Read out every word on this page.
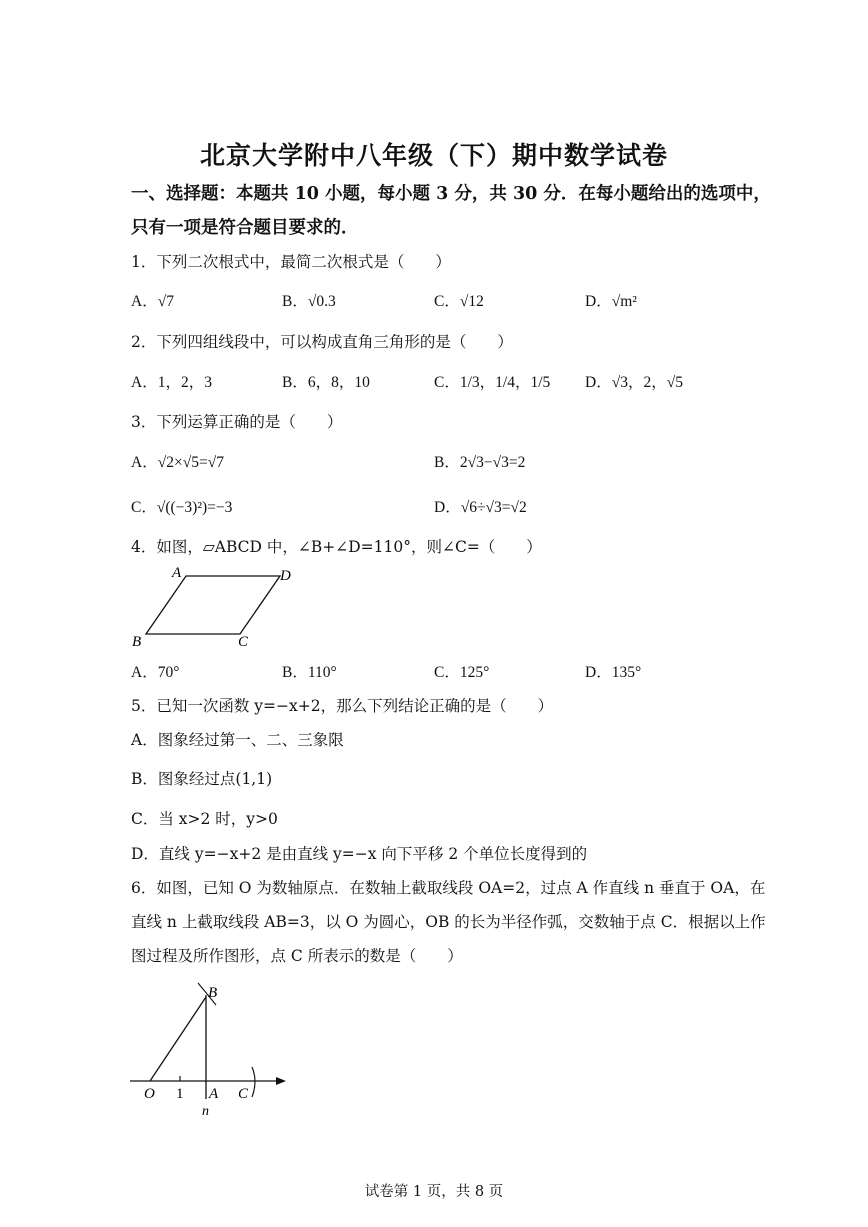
北京大学附中八年级（下）期中数学试卷
一、选择题：本题共 10 小题，每小题 3 分，共 30 分．在每小题给出的选项中，
只有一项是符合题目要求的．
1．下列二次根式中，最简二次根式是（　　）
A．√7	B．√0.3	C．√12	D．√m²
2．下列四组线段中，可以构成直角三角形的是（　　）
A．1，2，3	B．6，8，10	C．1/3，1/4，1/5 D．√3，2，√5
3．下列运算正确的是（　　）
A．√2×√5=√7	B．2√3−√3=2
C．√((−3)²)=−3	D．√6÷√3=√2
4．如图，▱ABCD 中，∠B+∠D=110°，则∠C=（　　）
A	D
B	C
A．70°	B．110°	C．125°	D．135°
5．已知一次函数 y=−x+2，那么下列结论正确的是（　　）
A．图象经过第一、二、三象限
B．图象经过点(1,1)
C．当 x>2 时，y>0
D．直线 y=−x+2 是由直线 y=−x 向下平移 2 个单位长度得到的
6．如图，已知 O 为数轴原点．在数轴上截取线段 OA=2，过点 A 作直线 n 垂直于 OA，在
直线 n 上截取线段 AB=3，以 O 为圆心，OB 的长为半径作弧，交数轴于点 C．根据以上作
图过程及所作图形，点 C 所表示的数是（　　）
B
O 1 A C
n
试卷第 1 页，共 8 页
